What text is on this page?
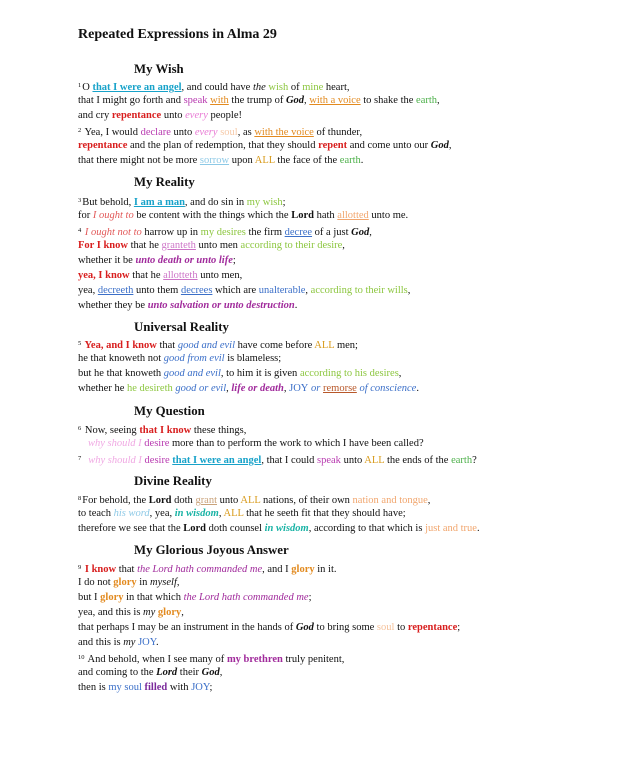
Repeated Expressions in Alma 29
My Wish
$^1$O that I were an angel, and could have the wish of mine heart,
that I might go forth and speak with the trump of God, with a voice to shake the earth,
and cry repentance unto every people!
$^2$ Yea, I would declare unto every soul, as with the voice of thunder,
repentance and the plan of redemption, that they should repent and come unto our God,
that there might not be more sorrow upon ALL the face of the earth.
My Reality
$^3$But behold, I am a man, and do sin in my wish;
for I ought to be content with the things which the Lord hath allotted unto me.
$^4$ I ought not to harrow up in my desires the firm decree of a just God,
For I know that he granteth unto men according to their desire,
whether it be unto death or unto life;
yea, I know that he allotteth unto men,
yea, decreeth unto them decrees which are unalterable, according to their wills,
whether they be unto salvation or unto destruction.
Universal Reality
$^5$ Yea, and I know that good and evil have come before ALL men;
he that knoweth not good from evil is blameless;
but he that knoweth good and evil, to him it is given according to his desires,
whether he he desireth good or evil, life or death, JOY or remorse of conscience.
My Question
$^6$ Now, seeing that I know these things,
why should I desire more than to perform the work to which I have been called?
$^7$ why should I desire that I were an angel, that I could speak unto ALL the ends of the earth?
Divine Reality
$^8$For behold, the Lord doth grant unto ALL nations, of their own nation and tongue,
to teach his word, yea, in wisdom, ALL that he seeth fit that they should have;
therefore we see that the Lord doth counsel in wisdom, according to that which is just and true.
My Glorious Joyous Answer
$^9$ I know that the Lord hath commanded me, and I glory in it.
I do not glory in myself,
but I glory in that which the Lord hath commanded me;
yea, and this is my glory,
that perhaps I may be an instrument in the hands of God to bring some soul to repentance;
and this is my JOY.
$^{10}$ And behold, when I see many of my brethren truly penitent,
and coming to the Lord their God,
then is my soul filled with JOY;
